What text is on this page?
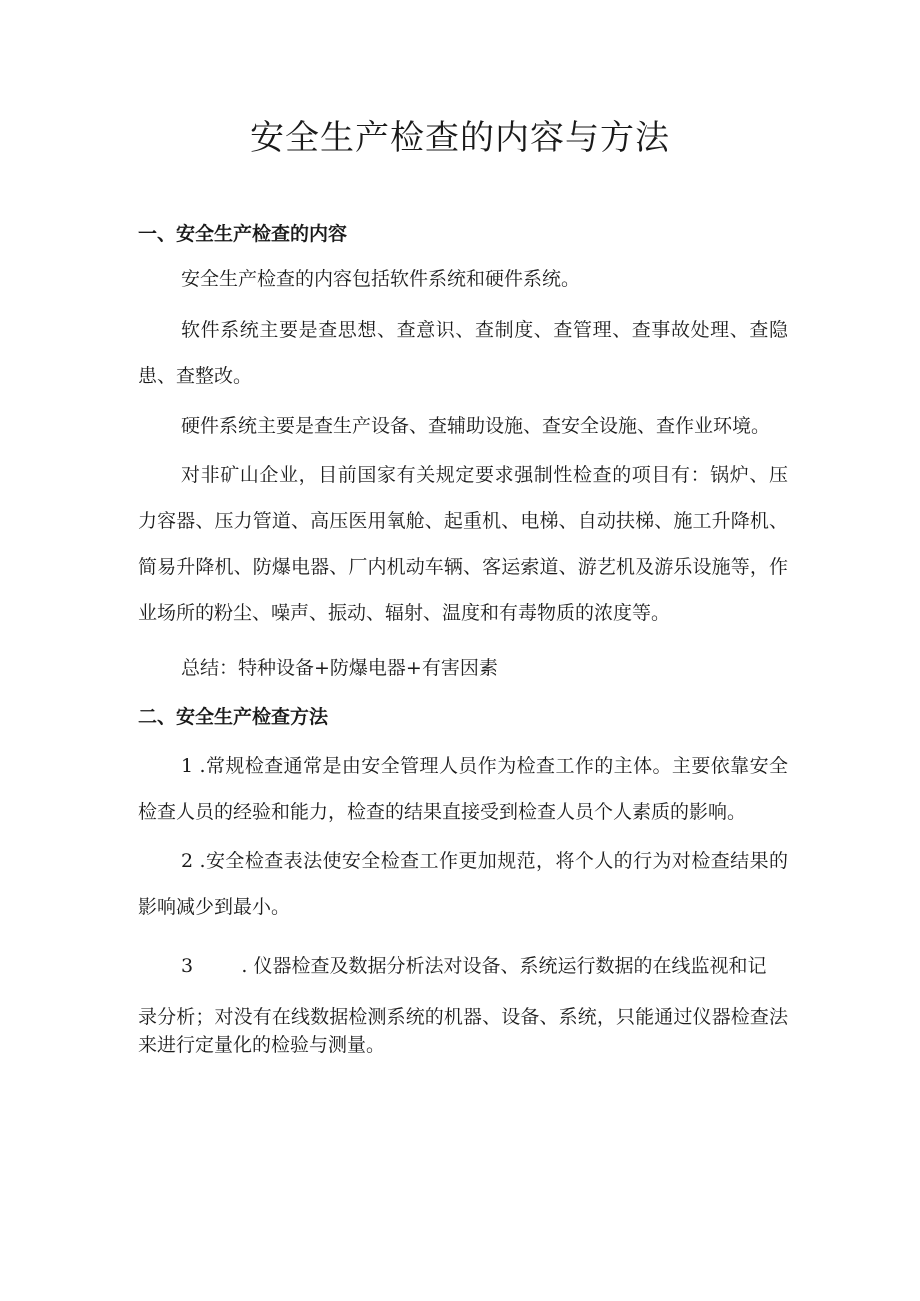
安全生产检查的内容与方法
一、安全生产检查的内容
安全生产检查的内容包括软件系统和硬件系统。
软件系统主要是查思想、查意识、查制度、查管理、查事故处理、查隐患、查整改。
硬件系统主要是查生产设备、查辅助设施、查安全设施、查作业环境。
对非矿山企业，目前国家有关规定要求强制性检查的项目有：锅炉、压力容器、压力管道、高压医用氧舱、起重机、电梯、自动扶梯、施工升降机、简易升降机、防爆电器、厂内机动车辆、客运索道、游艺机及游乐设施等，作业场所的粉尘、噪声、振动、辐射、温度和有毒物质的浓度等。
总结：特种设备+防爆电器+有害因素
二、安全生产检查方法
1 .常规检查通常是由安全管理人员作为检查工作的主体。主要依靠安全检查人员的经验和能力，检查的结果直接受到检查人员个人素质的影响。
2 .安全检查表法使安全检查工作更加规范，将个人的行为对检查结果的影响减少到最小。
3        . 仪器检查及数据分析法对设备、系统运行数据的在线监视和记
录分析；对没有在线数据检测系统的机器、设备、系统，只能通过仪器检查法来进行定量化的检验与测量。
